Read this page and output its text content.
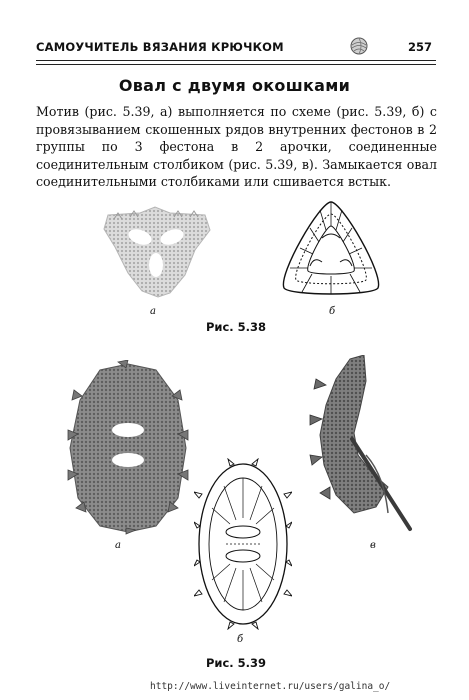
САМОУЧИТЕЛЬ ВЯЗАНИЯ КРЮЧКОМ	257
Овал с двумя окошками

Мотив (рис. 5.39, а) выполняется по схеме (рис. 5.39, б) с провязыванием скошенных рядов внутренних фестонов в 2 группы по 3 фестона в 2 арочки, соединенные соединительным столбиком (рис. 5.39, в). Замыкается овал соединительными столбиками или сшивается встык.

а	б
Рис. 5.38
а
б
в
Рис. 5.39
http://www.liveinternet.ru/users/galina_o/
